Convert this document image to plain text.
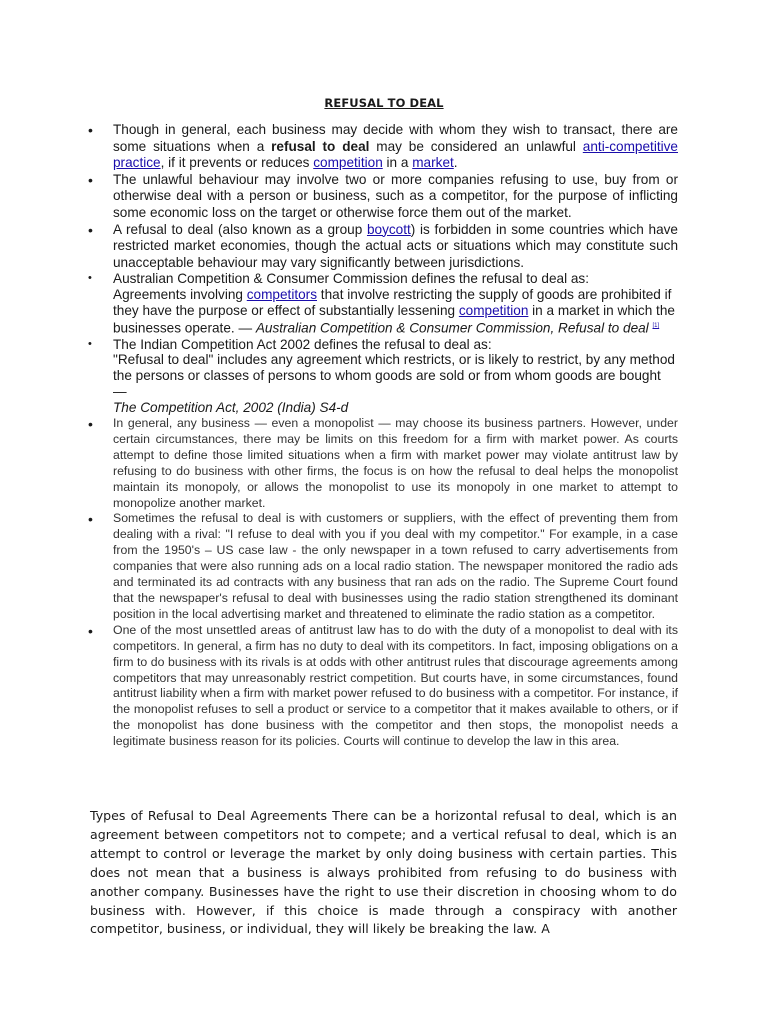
REFUSAL TO DEAL
• Though in general, each business may decide with whom they wish to transact, there are some situations when a refusal to deal may be considered an unlawful anti-competitive practice, if it prevents or reduces competition in a market.
• The unlawful behaviour may involve two or more companies refusing to use, buy from or otherwise deal with a person or business, such as a competitor, for the purpose of inflicting some economic loss on the target or otherwise force them out of the market.
• A refusal to deal (also known as a group boycott) is forbidden in some countries which have restricted market economies, though the actual acts or situations which may constitute such unacceptable behaviour may vary significantly between jurisdictions.
• Australian Competition & Consumer Commission defines the refusal to deal as:
Agreements involving competitors that involve restricting the supply of goods are prohibited if they have the purpose or effect of substantially lessening competition in a market in which the businesses operate. — Australian Competition & Consumer Commission, Refusal to deal [1]
• The Indian Competition Act 2002 defines the refusal to deal as:
"Refusal to deal" includes any agreement which restricts, or is likely to restrict, by any method the persons or classes of persons to whom goods are sold or from whom goods are bought —
The Competition Act, 2002 (India) S4-d
• In general, any business — even a monopolist — may choose its business partners. However, under certain circumstances, there may be limits on this freedom for a firm with market power. As courts attempt to define those limited situations when a firm with market power may violate antitrust law by refusing to do business with other firms, the focus is on how the refusal to deal helps the monopolist maintain its monopoly, or allows the monopolist to use its monopoly in one market to attempt to monopolize another market.
• Sometimes the refusal to deal is with customers or suppliers, with the effect of preventing them from dealing with a rival: "I refuse to deal with you if you deal with my competitor." For example, in a case from the 1950's – US case law - the only newspaper in a town refused to carry advertisements from companies that were also running ads on a local radio station. The newspaper monitored the radio ads and terminated its ad contracts with any business that ran ads on the radio. The Supreme Court found that the newspaper's refusal to deal with businesses using the radio station strengthened its dominant position in the local advertising market and threatened to eliminate the radio station as a competitor.
• One of the most unsettled areas of antitrust law has to do with the duty of a monopolist to deal with its competitors. In general, a firm has no duty to deal with its competitors. In fact, imposing obligations on a firm to do business with its rivals is at odds with other antitrust rules that discourage agreements among competitors that may unreasonably restrict competition. But courts have, in some circumstances, found antitrust liability when a firm with market power refused to do business with a competitor. For instance, if the monopolist refuses to sell a product or service to a competitor that it makes available to others, or if the monopolist has done business with the competitor and then stops, the monopolist needs a legitimate business reason for its policies. Courts will continue to develop the law in this area.

Types of Refusal to Deal Agreements There can be a horizontal refusal to deal, which is an agreement between competitors not to compete; and a vertical refusal to deal, which is an attempt to control or leverage the market by only doing business with certain parties. This does not mean that a business is always prohibited from refusing to do business with another company. Businesses have the right to use their discretion in choosing whom to do business with. However, if this choice is made through a conspiracy with another competitor, business, or individual, they will likely be breaking the law. A
